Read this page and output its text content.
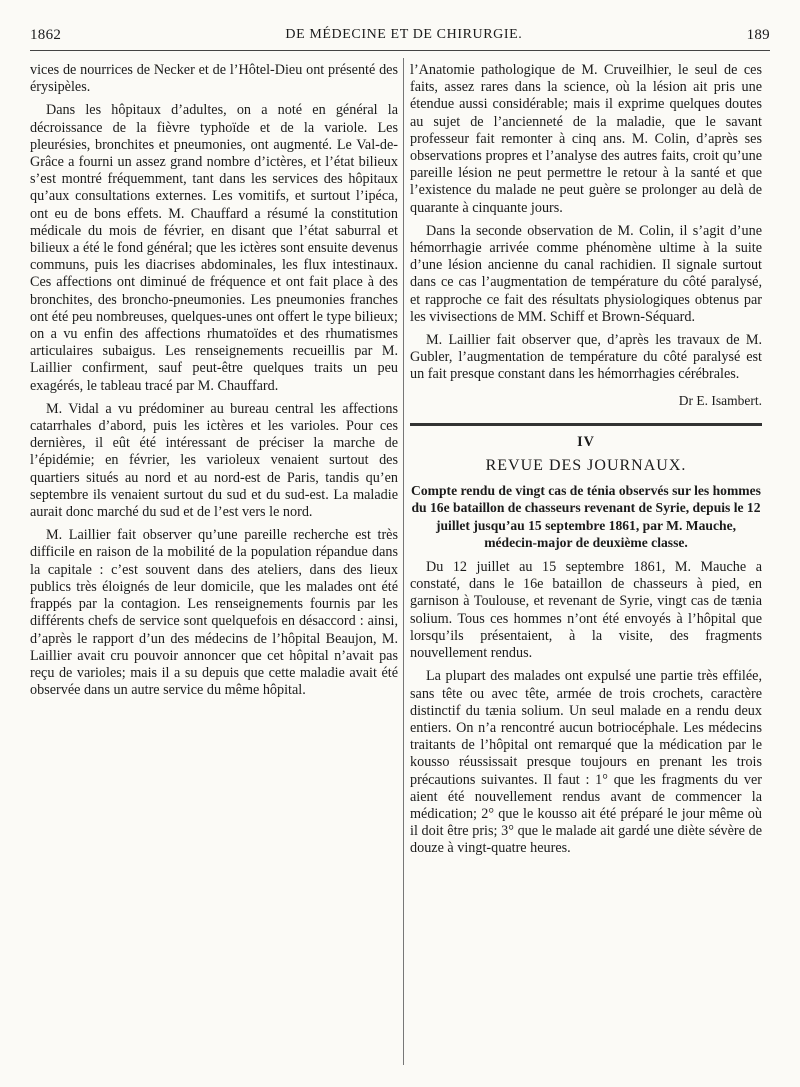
1862	DE MÉDECINE ET DE CHIRURGIE.	189

vices de nourrices de Necker et de l’Hôtel-Dieu ont présenté des érysipèles.

Dans les hôpitaux d’adultes, on a noté en général la décroissance de la fièvre typhoïde et de la variole. Les pleurésies, bronchites et pneumonies, ont augmenté. Le Val-de-Grâce a fourni un assez grand nombre d’ictères, et l’état bilieux s’est montré fréquemment, tant dans les services des hôpitaux qu’aux consultations externes. Les vomitifs, et surtout l’ipéca, ont eu de bons effets. M. Chauffard a résumé la constitution médicale du mois de février, en disant que l’état saburral et bilieux a été le fond général; que les ictères sont ensuite devenus communs, puis les diacrises abdominales, les flux intestinaux. Ces affections ont diminué de fréquence et ont fait place à des bronchites, des broncho-pneumonies. Les pneumonies franches ont été peu nombreuses, quelques-unes ont offert le type bilieux; on a vu enfin des affections rhumatoïdes et des rhumatismes articulaires subaigus. Les renseignements recueillis par M. Laillier confirment, sauf peut-être quelques traits un peu exagérés, le tableau tracé par M. Chauffard.

M. Vidal a vu prédominer au bureau central les affections catarrhales d’abord, puis les ictères et les varioles. Pour ces dernières, il eût été intéressant de préciser la marche de l’épidémie; en février, les varioleux venaient surtout des quartiers situés au nord et au nord-est de Paris, tandis qu’en septembre ils venaient surtout du sud et du sud-est. La maladie aurait donc marché du sud et de l’est vers le nord.

M. Laillier fait observer qu’une pareille recherche est très difficile en raison de la mobilité de la population répandue dans la capitale : c’est souvent dans des ateliers, dans des lieux publics très éloignés de leur domicile, que les malades ont été frappés par la contagion. Les renseignements fournis par les différents chefs de service sont quelquefois en désaccord : ainsi, d’après le rapport d’un des médecins de l’hôpital Beaujon, M. Laillier avait cru pouvoir annoncer que cet hôpital n’avait pas reçu de varioles; mais il a su depuis que cette maladie avait été observée dans un autre service du même hôpital.

l’Anatomie pathologique de M. Cruveilhier, le seul de ces faits, assez rares dans la science, où la lésion ait pris une étendue aussi considérable; mais il exprime quelques doutes au sujet de l’ancienneté de la maladie, que le savant professeur fait remonter à cinq ans. M. Colin, d’après ses observations propres et l’analyse des autres faits, croit qu’une pareille lésion ne peut permettre le retour à la santé et que l’existence du malade ne peut guère se prolonger au delà de quarante à cinquante jours.

Dans la seconde observation de M. Colin, il s’agit d’une hémorrhagie arrivée comme phénomène ultime à la suite d’une lésion ancienne du canal rachidien. Il signale surtout dans ce cas l’augmentation de température du côté paralysé, et rapproche ce fait des résultats physiologiques obtenus par les vivisections de MM. Schiff et Brown-Séquard.

M. Laillier fait observer que, d’après les travaux de M. Gubler, l’augmentation de température du côté paralysé est un fait presque constant dans les hémorrhagies cérébrales.

Dr E. Isambert.
IV
REVUE DES JOURNAUX.

Compte rendu de vingt cas de ténia observés sur les hommes du 16e bataillon de chasseurs revenant de Syrie, depuis le 12 juillet jusqu’au 15 septembre 1861, par M. Mauche, médecin-major de deuxième classe.

Du 12 juillet au 15 septembre 1861, M. Mauche a constaté, dans le 16e bataillon de chasseurs à pied, en garnison à Toulouse, et revenant de Syrie, vingt cas de tænia solium. Tous ces hommes n’ont été envoyés à l’hôpital que lorsqu’ils présentaient, à la visite, des fragments nouvellement rendus.

La plupart des malades ont expulsé une partie très effilée, sans tête ou avec tête, armée de trois crochets, caractère distinctif du tænia solium. Un seul malade en a rendu deux entiers. On n’a rencontré aucun botriocéphale. Les médecins traitants de l’hôpital ont remarqué que la médication par le kousso réussissait presque toujours en prenant les trois précautions suivantes. Il faut : 1° que les fragments du ver aient été nouvellement rendus avant de commencer la médication; 2° que le kousso ait été préparé le jour même où il doit être pris; 3° que le malade ait gardé une diète sévère de douze à vingt-quatre heures.
